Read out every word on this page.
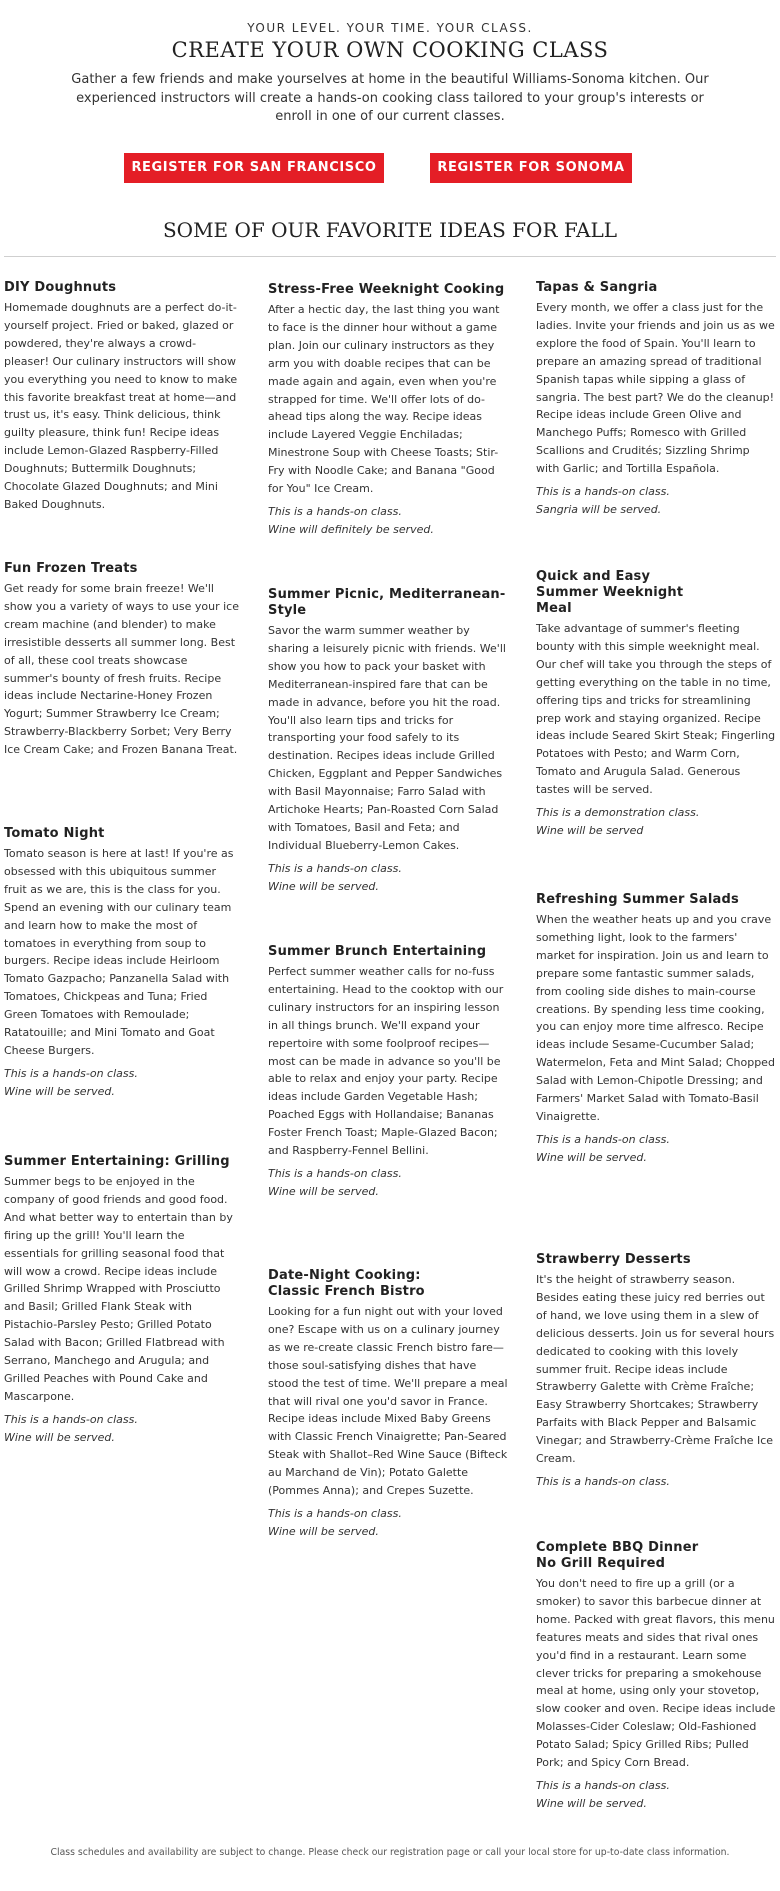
YOUR LEVEL. YOUR TIME. YOUR CLASS.
CREATE YOUR OWN COOKING CLASS
Gather a few friends and make yourselves at home in the beautiful Williams-Sonoma kitchen. Our experienced instructors will create a hands-on cooking class tailored to your group's interests or enroll in one of our current classes.
REGISTER FOR SAN FRANCISCO >
REGISTER FOR SONOMA >
SOME OF OUR FAVORITE IDEAS FOR FALL
DIY Doughnuts

Homemade doughnuts are a perfect do-it-yourself project. Fried or baked, glazed or powdered, they're always a crowd-pleaser! Our culinary instructors will show you everything you need to know to make this favorite breakfast treat at home—and trust us, it's easy. Think delicious, think guilty pleasure, think fun! Recipe ideas include Lemon-Glazed Raspberry-Filled Doughnuts; Buttermilk Doughnuts; Chocolate Glazed Doughnuts; and Mini Baked Doughnuts.

Fun Frozen Treats

Get ready for some brain freeze! We'll show you a variety of ways to use your ice cream machine (and blender) to make irresistible desserts all summer long. Best of all, these cool treats showcase summer's bounty of fresh fruits. Recipe ideas include Nectarine-Honey Frozen Yogurt; Summer Strawberry Ice Cream; Strawberry-Blackberry Sorbet; Very Berry Ice Cream Cake; and Frozen Banana Treat.

Tomato Night

Tomato season is here at last! If you're as obsessed with this ubiquitous summer fruit as we are, this is the class for you. Spend an evening with our culinary team and learn how to make the most of tomatoes in everything from soup to burgers. Recipe ideas include Heirloom Tomato Gazpacho; Panzanella Salad with Tomatoes, Chickpeas and Tuna; Fried Green Tomatoes with Remoulade; Ratatouille; and Mini Tomato and Goat Cheese Burgers.

This is a hands-on class.
Wine will be served.
Summer Entertaining: Grilling

Summer begs to be enjoyed in the company of good friends and good food. And what better way to entertain than by firing up the grill! You'll learn the essentials for grilling seasonal food that will wow a crowd. Recipe ideas include Grilled Shrimp Wrapped with Prosciutto and Basil; Grilled Flank Steak with Pistachio-Parsley Pesto; Grilled Potato Salad with Bacon; Grilled Flatbread with Serrano, Manchego and Arugula; and Grilled Peaches with Pound Cake and Mascarpone.

This is a hands-on class.
Wine will be served.
Stress-Free Weeknight Cooking

After a hectic day, the last thing you want to face is the dinner hour without a game plan. Join our culinary instructors as they arm you with doable recipes that can be made again and again, even when you're strapped for time. We'll offer lots of do-ahead tips along the way. Recipe ideas include Layered Veggie Enchiladas; Minestrone Soup with Cheese Toasts; Stir-Fry with Noodle Cake; and Banana "Good for You" Ice Cream.

This is a hands-on class.
Wine will definitely be served.
Summer Picnic, Mediterranean-Style

Savor the warm summer weather by sharing a leisurely picnic with friends. We'll show you how to pack your basket with Mediterranean-inspired fare that can be made in advance, before you hit the road. You'll also learn tips and tricks for transporting your food safely to its destination. Recipes ideas include Grilled Chicken, Eggplant and Pepper Sandwiches with Basil Mayonnaise; Farro Salad with Artichoke Hearts; Pan-Roasted Corn Salad with Tomatoes, Basil and Feta; and Individual Blueberry-Lemon Cakes.

This is a hands-on class.
Wine will be served.
Summer Brunch Entertaining

Perfect summer weather calls for no-fuss entertaining. Head to the cooktop with our culinary instructors for an inspiring lesson in all things brunch. We'll expand your repertoire with some foolproof recipes—most can be made in advance so you'll be able to relax and enjoy your party. Recipe ideas include Garden Vegetable Hash; Poached Eggs with Hollandaise; Bananas Foster French Toast; Maple-Glazed Bacon; and Raspberry-Fennel Bellini.

This is a hands-on class.
Wine will be served.
Date-Night Cooking: Classic French Bistro

Looking for a fun night out with your loved one? Escape with us on a culinary journey as we re-create classic French bistro fare—those soul-satisfying dishes that have stood the test of time. We'll prepare a meal that will rival one you'd savor in France. Recipe ideas include Mixed Baby Greens with Classic French Vinaigrette; Pan-Seared Steak with Shallot–Red Wine Sauce (Bifteck au Marchand de Vin); Potato Galette (Pommes Anna); and Crepes Suzette.

This is a hands-on class.
Wine will be served.
Tapas & Sangria

Every month, we offer a class just for the ladies. Invite your friends and join us as we explore the food of Spain. You'll learn to prepare an amazing spread of traditional Spanish tapas while sipping a glass of sangria. The best part? We do the cleanup! Recipe ideas include Green Olive and Manchego Puffs; Romesco with Grilled Scallions and Crudités; Sizzling Shrimp with Garlic; and Tortilla Española.

This is a hands-on class.
Sangria will be served.
Quick and Easy Summer Weeknight Meal

Take advantage of summer's fleeting bounty with this simple weeknight meal. Our chef will take you through the steps of getting everything on the table in no time, offering tips and tricks for streamlining prep work and staying organized. Recipe ideas include Seared Skirt Steak; Fingerling Potatoes with Pesto; and Warm Corn, Tomato and Arugula Salad. Generous tastes will be served.

This is a demonstration class.
Wine will be served
Refreshing Summer Salads

When the weather heats up and you crave something light, look to the farmers' market for inspiration. Join us and learn to prepare some fantastic summer salads, from cooling side dishes to main-course creations. By spending less time cooking, you can enjoy more time alfresco. Recipe ideas include Sesame-Cucumber Salad; Watermelon, Feta and Mint Salad; Chopped Salad with Lemon-Chipotle Dressing; and Farmers' Market Salad with Tomato-Basil Vinaigrette.

This is a hands-on class.
Wine will be served.
Strawberry Desserts

It's the height of strawberry season. Besides eating these juicy red berries out of hand, we love using them in a slew of delicious desserts. Join us for several hours dedicated to cooking with this lovely summer fruit. Recipe ideas include Strawberry Galette with Crème Fraîche; Easy Strawberry Shortcakes; Strawberry Parfaits with Black Pepper and Balsamic Vinegar; and Strawberry-Crème Fraîche Ice Cream.

This is a hands-on class.
Complete BBQ Dinner No Grill Required

You don't need to fire up a grill (or a smoker) to savor this barbecue dinner at home. Packed with great flavors, this menu features meats and sides that rival ones you'd find in a restaurant. Learn some clever tricks for preparing a smokehouse meal at home, using only your stovetop, slow cooker and oven. Recipe ideas include Molasses-Cider Coleslaw; Old-Fashioned Potato Salad; Spicy Grilled Ribs; Pulled Pork; and Spicy Corn Bread.

This is a hands-on class.
Wine will be served.
Class schedules and availability are subject to change. Please check our registration page or call your local store for up-to-date class information.
